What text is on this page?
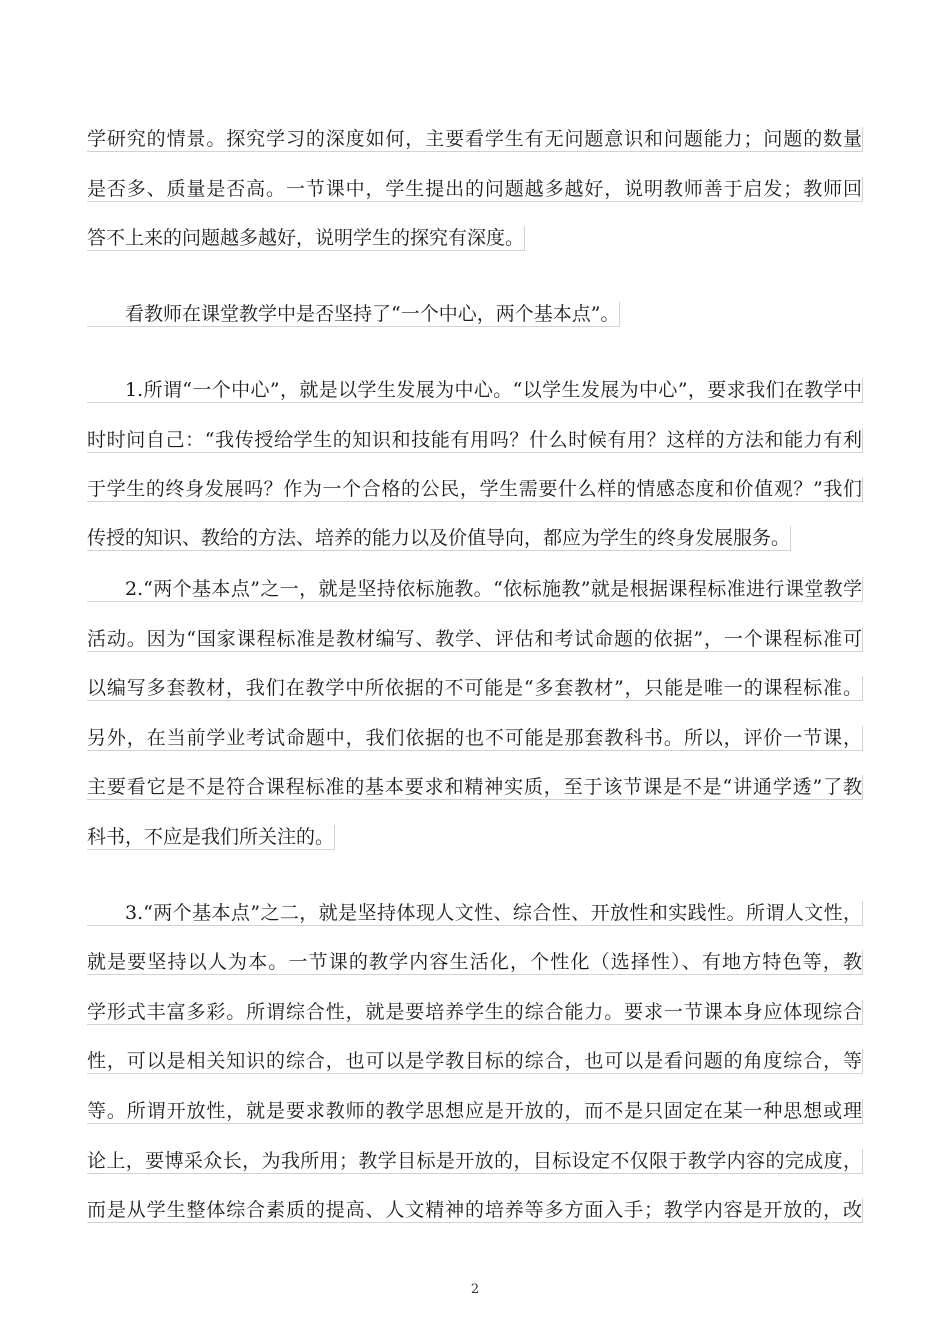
学研究的情景。探究学习的深度如何，主要看学生有无问题意识和问题能力；问题的数量
是否多、质量是否高。一节课中，学生提出的问题越多越好，说明教师善于启发；教师回
答不上来的问题越多越好，说明学生的探究有深度。
看教师在课堂教学中是否坚持了“一个中心，两个基本点”。
1.所谓“一个中心”，就是以学生发展为中心。“以学生发展为中心”，要求我们在教学中
时时问自己：“我传授给学生的知识和技能有用吗？什么时候有用？这样的方法和能力有利
于学生的终身发展吗？作为一个合格的公民，学生需要什么样的情感态度和价值观？”我们
传授的知识、教给的方法、培养的能力以及价值导向，都应为学生的终身发展服务。
2.“两个基本点”之一，就是坚持依标施教。“依标施教”就是根据课程标准进行课堂教学
活动。因为“国家课程标准是教材编写、教学、评估和考试命题的依据”，一个课程标准可
以编写多套教材，我们在教学中所依据的不可能是“多套教材”，只能是唯一的课程标准。
另外，在当前学业考试命题中，我们依据的也不可能是那套教科书。所以，评价一节课，
主要看它是不是符合课程标准的基本要求和精神实质，至于该节课是不是“讲通学透”了教
科书，不应是我们所关注的。
3.“两个基本点”之二，就是坚持体现人文性、综合性、开放性和实践性。所谓人文性，
就是要坚持以人为本。一节课的教学内容生活化，个性化（选择性）、有地方特色等，教
学形式丰富多彩。所谓综合性，就是要培养学生的综合能力。要求一节课本身应体现综合
性，可以是相关知识的综合，也可以是学教目标的综合，也可以是看问题的角度综合，等
等。所谓开放性，就是要求教师的教学思想应是开放的，而不是只固定在某一种思想或理
论上，要博采众长，为我所用；教学目标是开放的，目标设定不仅限于教学内容的完成度，
而是从学生整体综合素质的提高、人文精神的培养等多方面入手；教学内容是开放的，改
2
